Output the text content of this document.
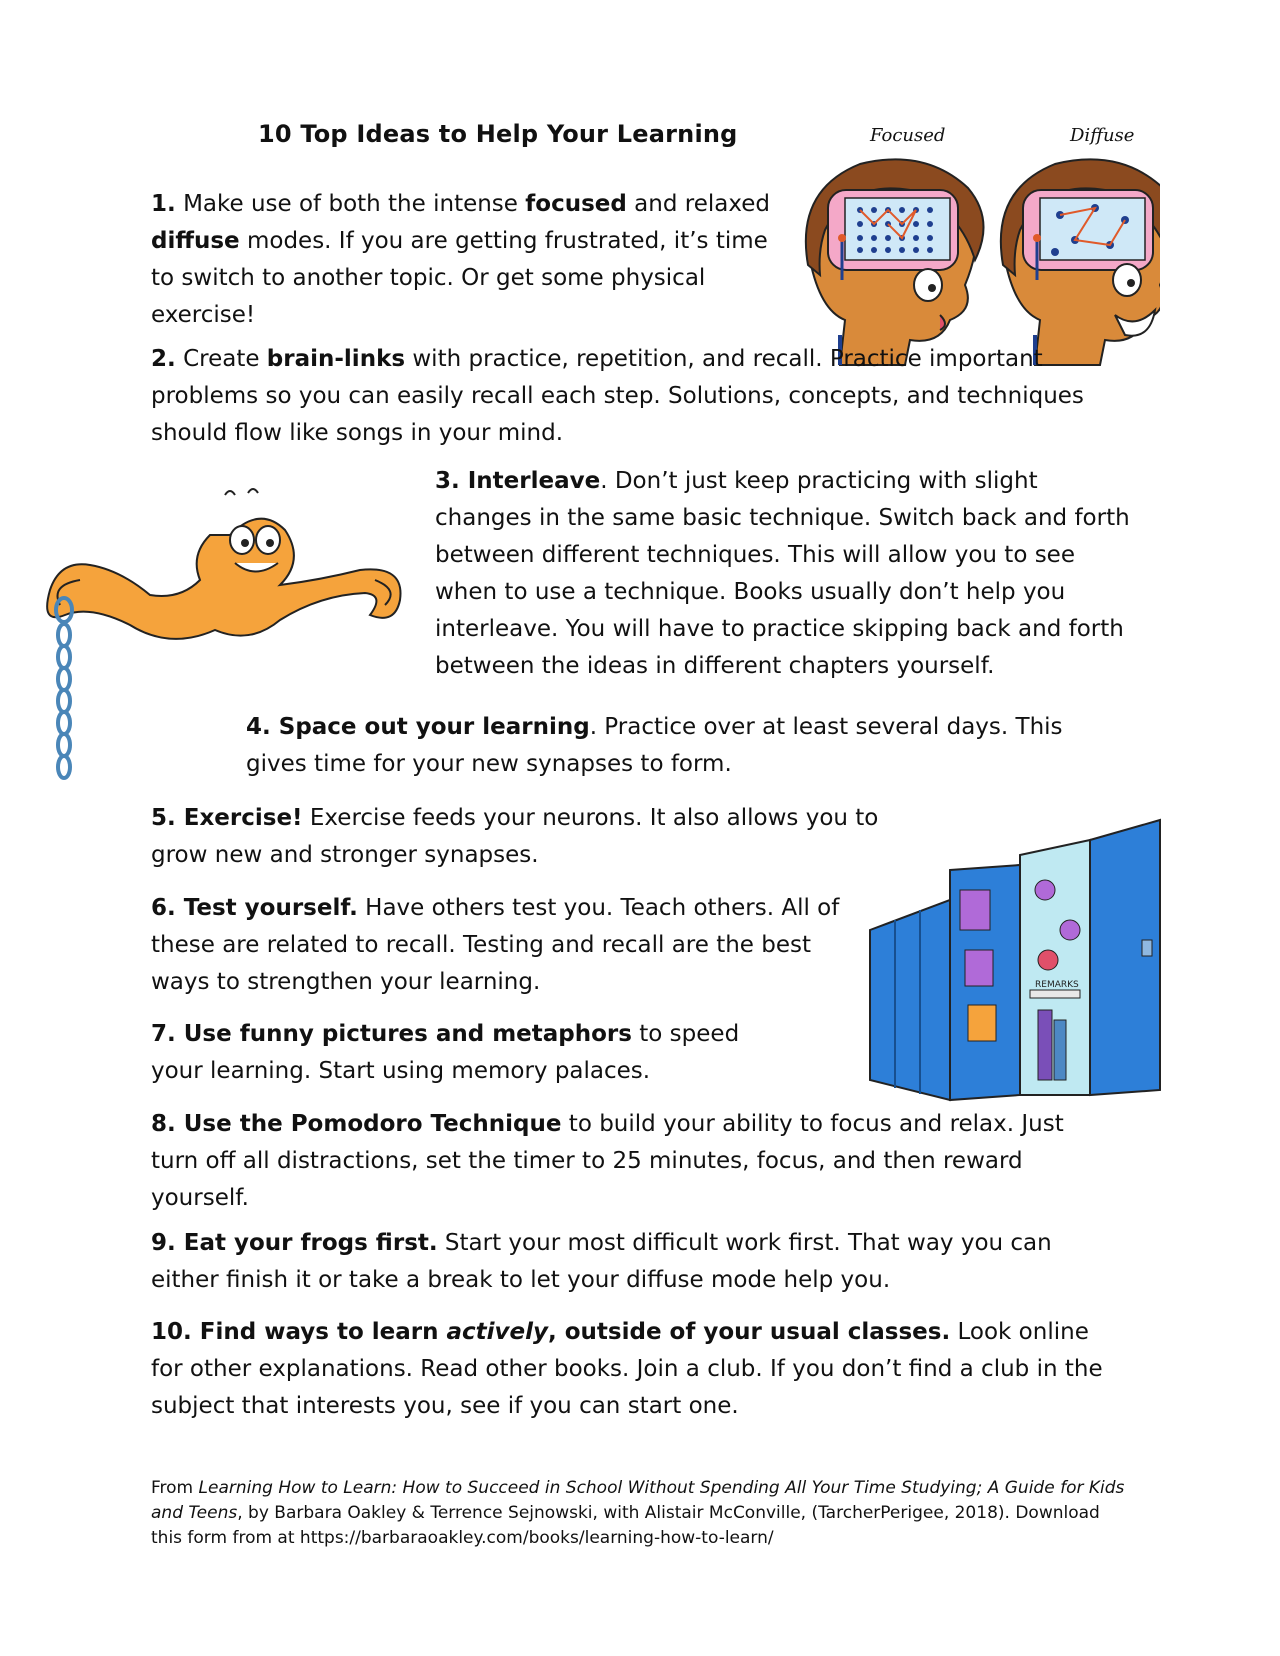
10 Top Ideas to Help Your Learning	Focused	Diffuse
1. Make use of both the intense focused and relaxed diffuse modes. If you are getting frustrated, it’s time to switch to another topic. Or get some physical exercise!
2. Create brain-links with practice, repetition, and recall. Practice important problems so you can easily recall each step. Solutions, concepts, and techniques should flow like songs in your mind.
3. Interleave. Don’t just keep practicing with slight changes in the same basic technique. Switch back and forth between different techniques. This will allow you to see when to use a technique. Books usually don’t help you interleave. You will have to practice skipping back and forth between the ideas in different chapters yourself.
4. Space out your learning. Practice over at least several days. This gives time for your new synapses to form.
5. Exercise! Exercise feeds your neurons. It also allows you to grow new and stronger synapses.
REMARKS
6. Test yourself. Have others test you. Teach others. All of these are related to recall. Testing and recall are the best ways to strengthen your learning.
7. Use funny pictures and metaphors to speed your learning. Start using memory palaces.
8. Use the Pomodoro Technique to build your ability to focus and relax. Just turn off all distractions, set the timer to 25 minutes, focus, and then reward yourself.
9. Eat your frogs first. Start your most difficult work first. That way you can either finish it or take a break to let your diffuse mode help you.
10. Find ways to learn actively, outside of your usual classes. Look online for other explanations. Read other books. Join a club. If you don’t find a club in the subject that interests you, see if you can start one.
From Learning How to Learn: How to Succeed in School Without Spending All Your Time Studying; A Guide for Kids and Teens, by Barbara Oakley & Terrence Sejnowski, with Alistair McConville, (TarcherPerigee, 2018). Download this form from at https://barbaraoakley.com/books/learning-how-to-learn/
